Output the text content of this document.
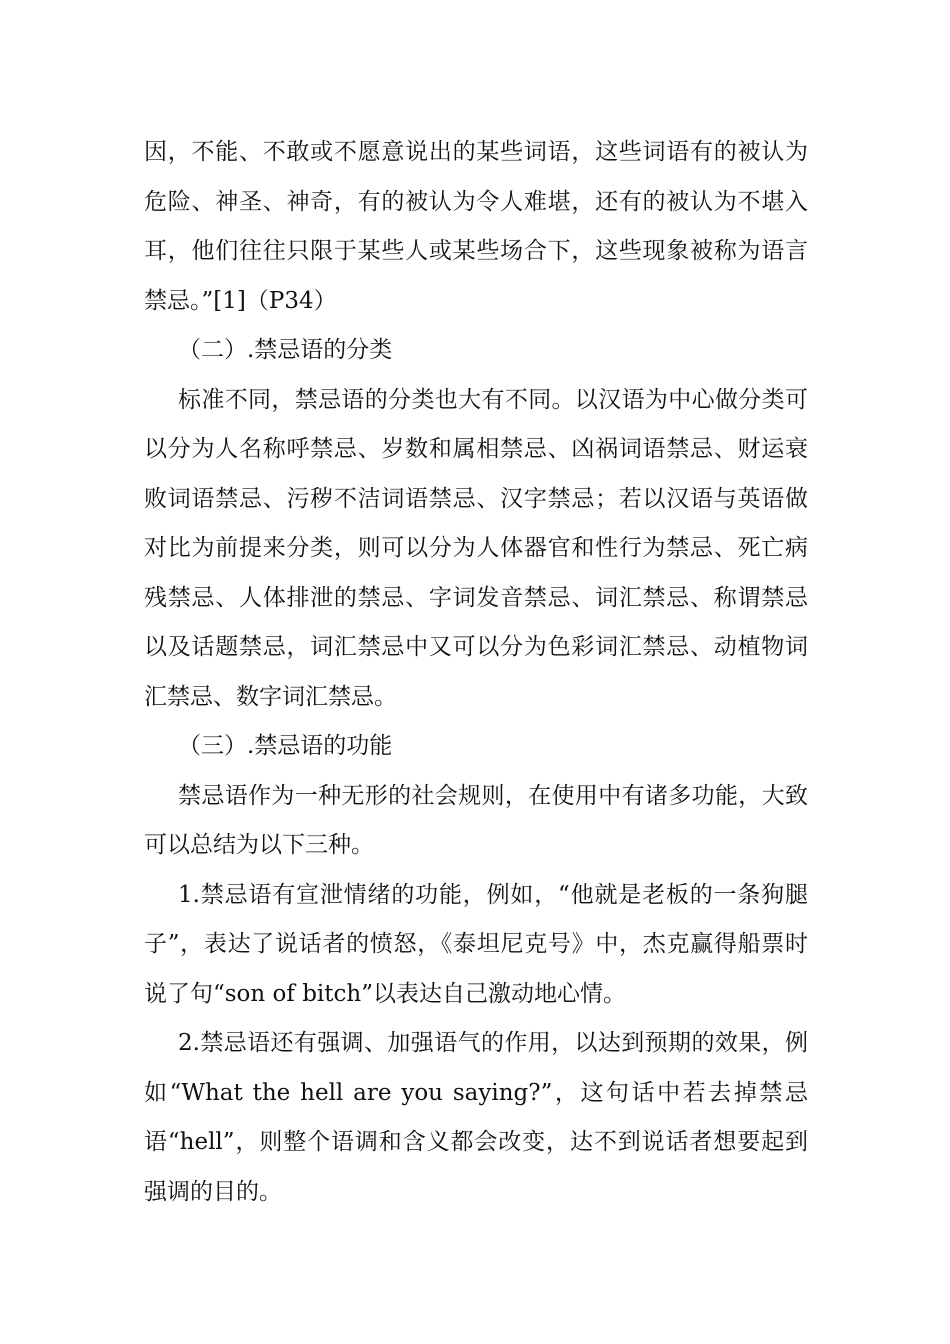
因，不能、不敢或不愿意说出的某些词语，这些词语有的被认为危险、神圣、神奇，有的被认为令人难堪，还有的被认为不堪入耳，他们往往只限于某些人或某些场合下，这些现象被称为语言禁忌。”[1]（P34）

（二）.禁忌语的分类

标准不同，禁忌语的分类也大有不同。以汉语为中心做分类可以分为人名称呼禁忌、岁数和属相禁忌、凶祸词语禁忌、财运衰败词语禁忌、污秽不洁词语禁忌、汉字禁忌；若以汉语与英语做对比为前提来分类，则可以分为人体器官和性行为禁忌、死亡病残禁忌、人体排泄的禁忌、字词发音禁忌、词汇禁忌、称谓禁忌以及话题禁忌，词汇禁忌中又可以分为色彩词汇禁忌、动植物词汇禁忌、数字词汇禁忌。

（三）.禁忌语的功能

禁忌语作为一种无形的社会规则，在使用中有诸多功能，大致可以总结为以下三种。

1.禁忌语有宣泄情绪的功能，例如，“他就是老板的一条狗腿子”，表达了说话者的愤怒，《泰坦尼克号》中，杰克赢得船票时说了句“son of bitch”以表达自己激动地心情。

2.禁忌语还有强调、加强语气的作用，以达到预期的效果，例如“What the hell are you saying?”，这句话中若去掉禁忌语“hell”，则整个语调和含义都会改变，达不到说话者想要起到强调的目的。
